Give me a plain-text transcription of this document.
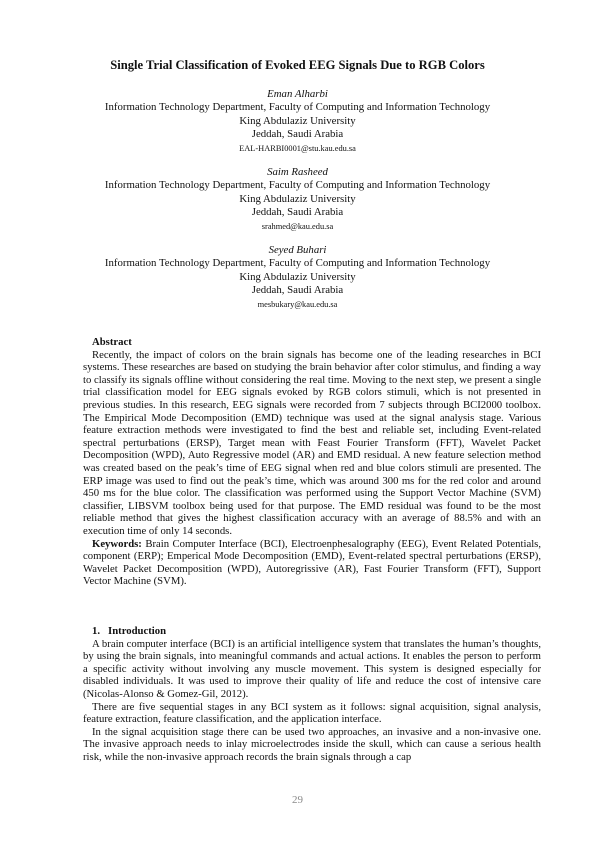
Single Trial Classification of Evoked EEG Signals Due to RGB Colors
Eman Alharbi
Information Technology Department, Faculty of Computing and Information Technology
King Abdulaziz University
Jeddah, Saudi Arabia
EAL-HARBI0001@stu.kau.edu.sa
Saim Rasheed
Information Technology Department, Faculty of Computing and Information Technology
King Abdulaziz University
Jeddah, Saudi Arabia
srahmed@kau.edu.sa
Seyed Buhari
Information Technology Department, Faculty of Computing and Information Technology
King Abdulaziz University
Jeddah, Saudi Arabia
mesbukary@kau.edu.sa
Abstract

Recently, the impact of colors on the brain signals has become one of the leading researches in BCI systems. These researches are based on studying the brain behavior after color stimulus, and finding a way to classify its signals offline without considering the real time. Moving to the next step, we present a single trial classification model for EEG signals evoked by RGB colors stimuli, which is not presented in previous studies. In this research, EEG signals were recorded from 7 subjects through BCI2000 toolbox. The Empirical Mode Decomposition (EMD) technique was used at the signal analysis stage. Various feature extraction methods were investigated to find the best and reliable set, including Event-related spectral perturbations (ERSP), Target mean with Feast Fourier Transform (FFT), Wavelet Packet Decomposition (WPD), Auto Regressive model (AR) and EMD residual. A new feature selection method was created based on the peak’s time of EEG signal when red and blue colors stimuli are presented. The ERP image was used to find out the peak’s time, which was around 300 ms for the red color and around 450 ms for the blue color. The classification was performed using the Support Vector Machine (SVM) classifier, LIBSVM toolbox being used for that purpose. The EMD residual was found to be the most reliable method that gives the highest classification accuracy with an average of 88.5% and with an execution time of only 14 seconds.

Keywords: Brain Computer Interface (BCI), Electroenphesalography (EEG), Event Related Potentials, component (ERP); Emperical Mode Decomposition (EMD), Event-related spectral perturbations (ERSP), Wavelet Packet Decomposition (WPD), Autoregrissive (AR), Fast Fourier Transform (FFT), Support Vector Machine (SVM).

1.   Introduction

A brain computer interface (BCI) is an artificial intelligence system that translates the human’s thoughts, by using the brain signals, into meaningful commands and actual actions. It enables the person to perform a specific activity without involving any muscle movement. This system is designed especially for disabled individuals. It was used to improve their quality of life and reduce the cost of intensive care (Nicolas-Alonso & Gomez-Gil, 2012).

There are five sequential stages in any BCI system as it follows: signal acquisition, signal analysis, feature extraction, feature classification, and the application interface.

In the signal acquisition stage there can be used two approaches, an invasive and a non-invasive one. The invasive approach needs to inlay microelectrodes inside the skull, which can cause a serious health risk, while the non-invasive approach records the brain signals through a cap

29
